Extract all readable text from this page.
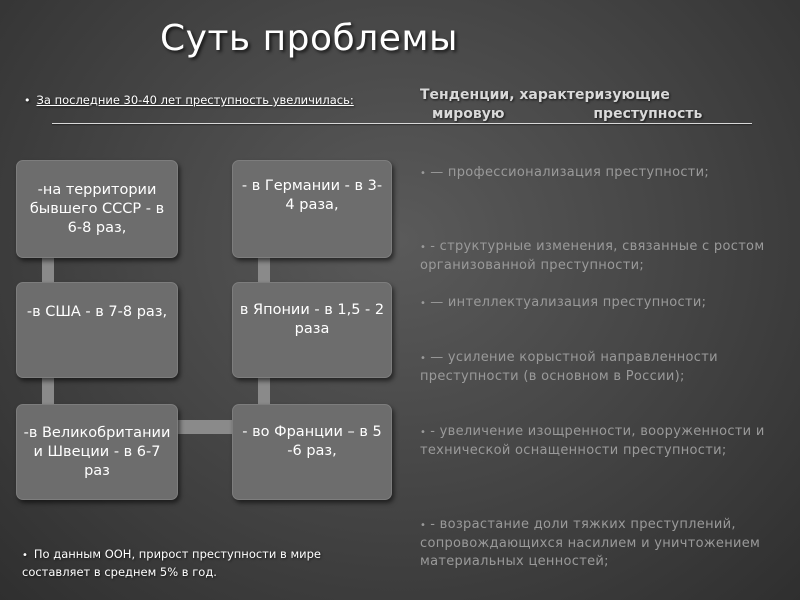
Суть проблемы
• За последние 30-40 лет преступность увеличилась:	Тенденции, характеризующие
мировую	преступность
-на территории бывшего СССР - в 6-8 раз,
- в Германии - в 3-4 раза,
-в США - в 7-8 раз,	в Японии - в 1,5 - 2 раза
-в Великобритании и Швеции - в 6-7 раз
- во Франции – в 5 -6 раз,
• — профессионализация преступности;
• - структурные изменения, связанные с ростом организованной преступности;
• — интеллектуализация преступности;
• — усиление корыстной направленности преступности (в основном в России);
• - увеличение изощренности, вооруженности и технической оснащенности преступности;
• - возрастание доли тяжких преступлений, сопровождающихся насилием и уничтожением материальных ценностей;
• По данным ООН, прирост преступности в мире составляет в среднем 5% в год.
